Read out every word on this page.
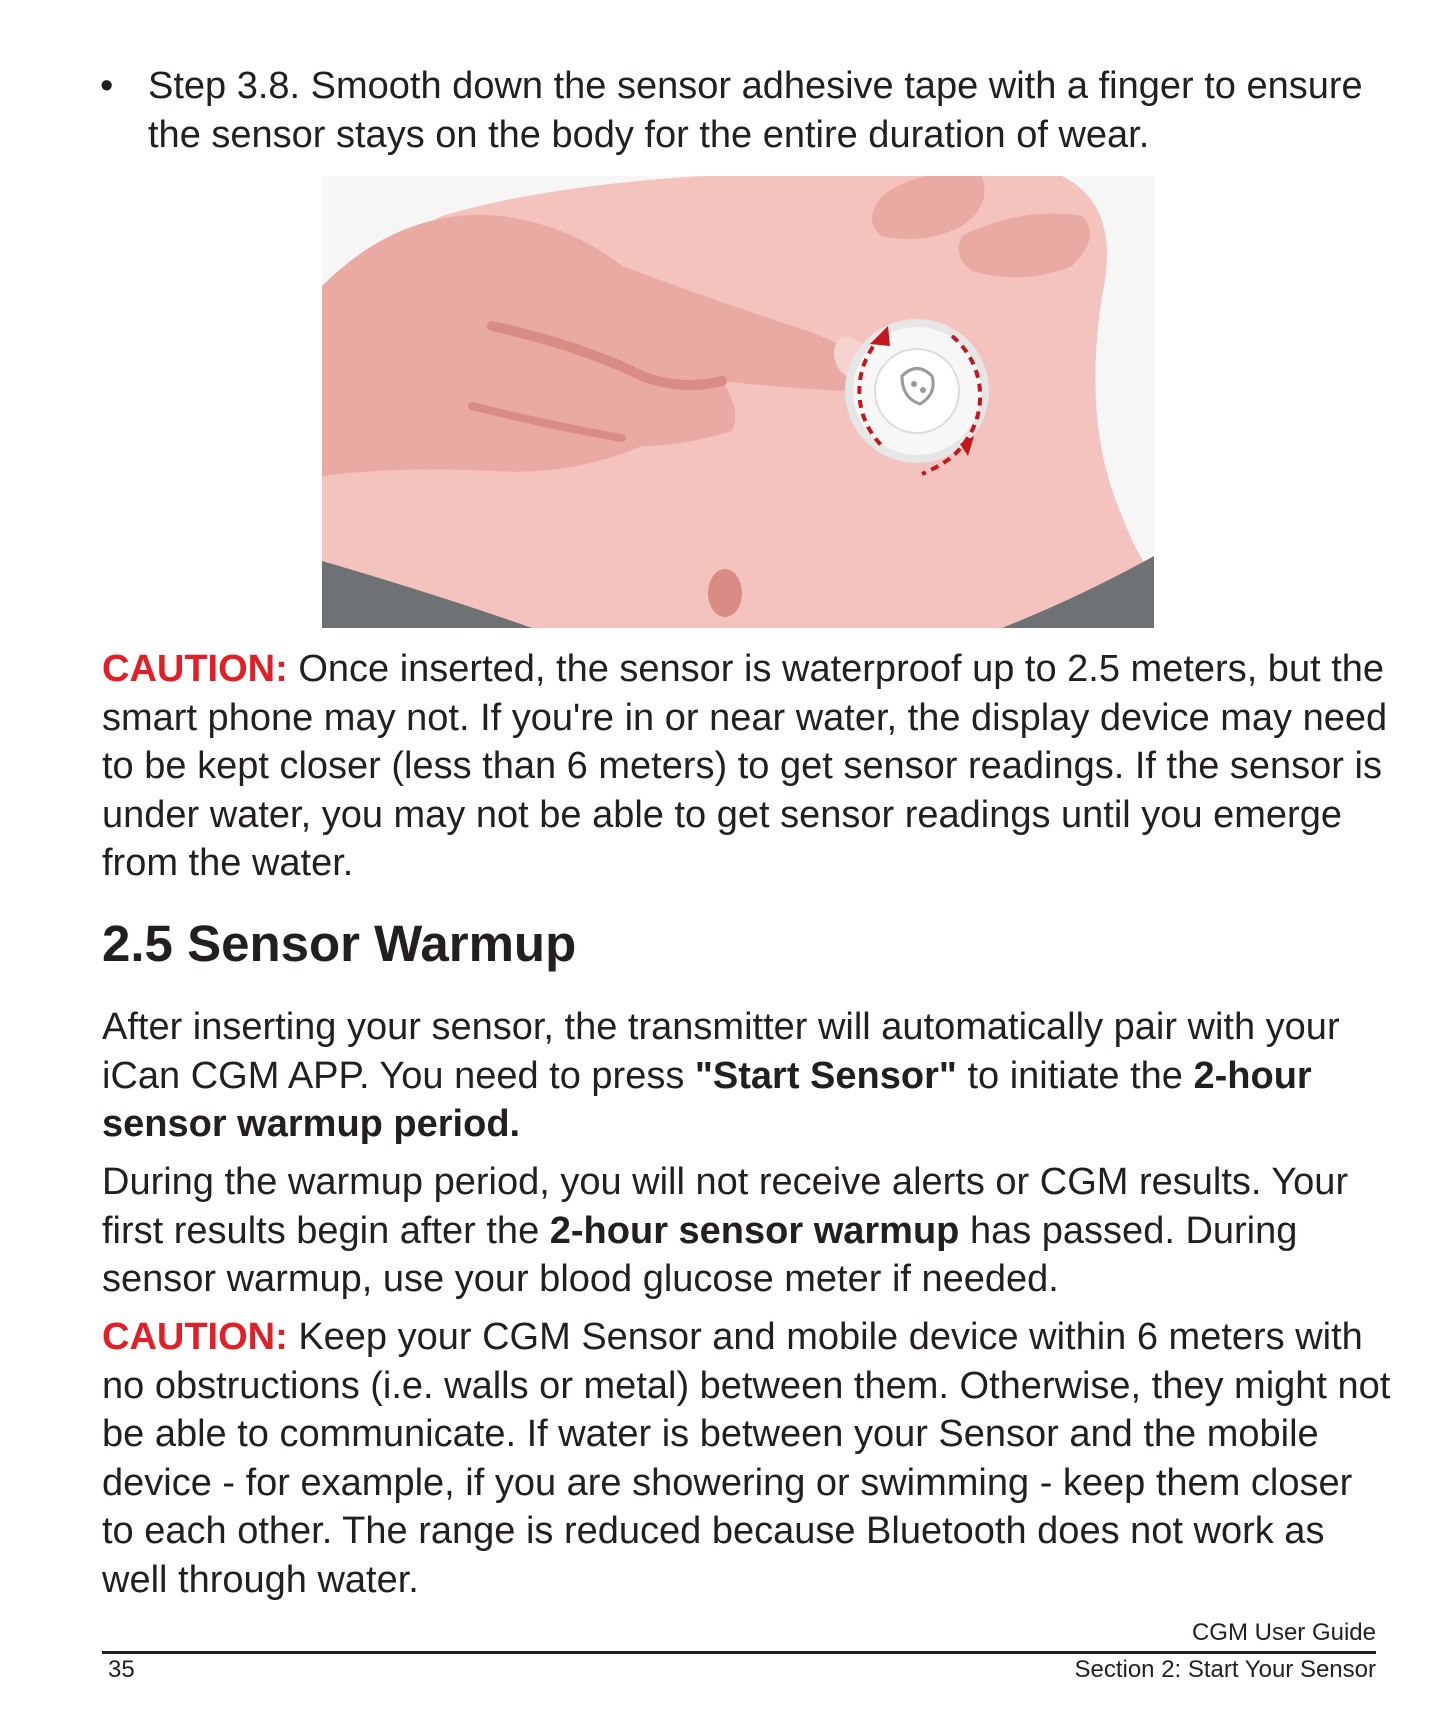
• Step 3.8. Smooth down the sensor adhesive tape with a finger to ensure the sensor stays on the body for the entire duration of wear.

CAUTION: Once inserted, the sensor is waterproof up to 2.5 meters, but the smart phone may not. If you're in or near water, the display device may need to be kept closer (less than 6 meters) to get sensor readings. If the sensor is under water, you may not be able to get sensor readings until you emerge from the water.

2.5 Sensor Warmup

After inserting your sensor, the transmitter will automatically pair with your iCan CGM APP. You need to press "Start Sensor" to initiate the 2-hour sensor warmup period.

During the warmup period, you will not receive alerts or CGM results. Your first results begin after the 2-hour sensor warmup has passed. During sensor warmup, use your blood glucose meter if needed.

CAUTION: Keep your CGM Sensor and mobile device within 6 meters with no obstructions (i.e. walls or metal) between them. Otherwise, they might not be able to communicate. If water is between your Sensor and the mobile device - for example, if you are showering or swimming - keep them closer to each other. The range is reduced because Bluetooth does not work as well through water.

CGM User Guide
35	Section 2: Start Your Sensor
